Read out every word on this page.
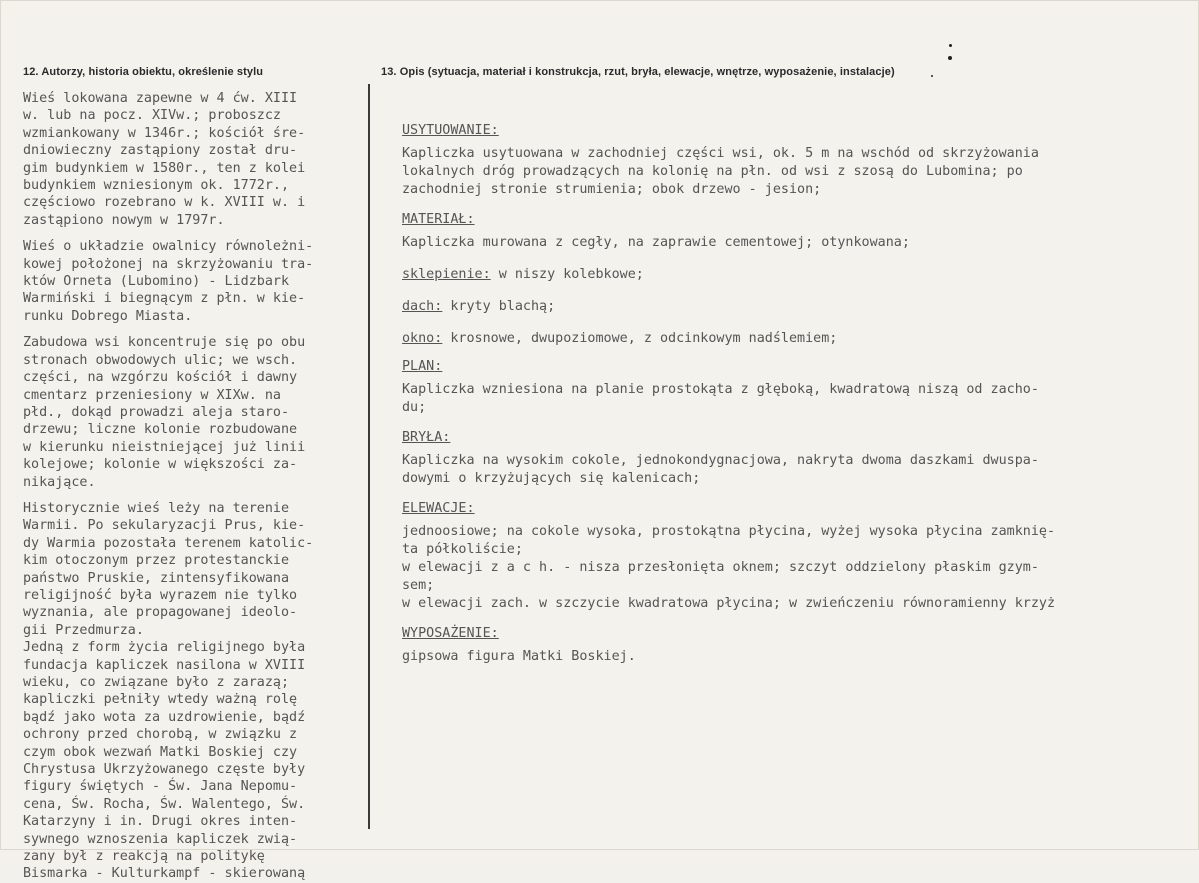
12. Autorzy, historia obiektu, określenie stylu	13. Opis (sytuacja, materiał i konstrukcja, rzut, bryła, elewacje, wnętrze, wyposażenie, instalacje)

Wieś lokowana zapewne w 4 ćw. XIII
w. lub na pocz. XIVw.; proboszcz
wzmiankowany w 1346r.; kościół śre-
dniowieczny zastąpiony został dru-
gim budynkiem w 1580r., ten z kolei
budynkiem wzniesionym ok. 1772r.,
częściowo rozebrano w k. XVIII w. i
zastąpiono nowym w 1797r.

Wieś o układzie owalnicy równoleżni-
kowej położonej na skrzyżowaniu tra-
któw Orneta (Lubomino) - Lidzbark
Warmiński i biegnącym z płn. w kie-
runku Dobrego Miasta.

Zabudowa wsi koncentruje się po obu
stronach obwodowych ulic; we wsch.
części, na wzgórzu kościół i dawny
cmentarz przeniesiony w XIXw. na
płd., dokąd prowadzi aleja staro-
drzewu; liczne kolonie rozbudowane
w kierunku nieistniejącej już linii
kolejowe; kolonie w większości za-
nikające.

Historycznie wieś leży na terenie
Warmii. Po sekularyzacji Prus, kie-
dy Warmia pozostała terenem katolic-
kim otoczonym przez protestanckie
państwo Pruskie, zintensyfikowana
religijność była wyrazem nie tylko
wyznania, ale propagowanej ideolo-
gii Przedmurza.

Jedną z form życia religijnego była
fundacja kapliczek nasilona w XVIII
wieku, co związane było z zarazą;
kapliczki pełniły wtedy ważną rolę
bądź jako wota za uzdrowienie, bądź
ochrony przed chorobą, w związku z
czym obok wezwań Matki Boskiej czy
Chrystusa Ukrzyżowanego częste były
figury świętych - Św. Jana Nepomu-
cena, Św. Rocha, Św. Walentego, Św.
Katarzyny i in. Drugi okres inten-
sywnego wznoszenia kapliczek zwią-
zany był z reakcją na politykę
Bismarka - Kulturkampf - skierowaną

USYTUOWANIE:
Kapliczka usytuowana w zachodniej części wsi, ok. 5 m na wschód od skrzyżowania
lokalnych dróg prowadzących na kolonię na płn. od wsi z szosą do Lubomina; po
zachodniej stronie strumienia; obok drzewo - jesion;
MATERIAŁ:
Kapliczka murowana z cegły, na zaprawie cementowej; otynkowana;
sklepienie: w niszy kolebkowe;
dach: kryty blachą;
okno: krosnowe, dwupoziomowe, z odcinkowym nadślemiem;
PLAN:
Kapliczka wzniesiona na planie prostokąta z głęboką, kwadratową niszą od zacho-
du;
BRYŁA:
Kapliczka na wysokim cokole, jednokondygnacjowa, nakryta dwoma daszkami dwuspa-
dowymi o krzyżujących się kalenicach;
ELEWACJE:
jednoosiowe; na cokole wysoka, prostokątna płycina, wyżej wysoka płycina zamknię-
ta półkoliście;
w elewacji z a c h. - nisza przesłonięta oknem; szczyt oddzielony płaskim gzym-
sem;
w elewacji zach. w szczycie kwadratowa płycina; w zwieńczeniu równoramienny krzyż
WYPOSAŻENIE:
gipsowa figura Matki Boskiej.
